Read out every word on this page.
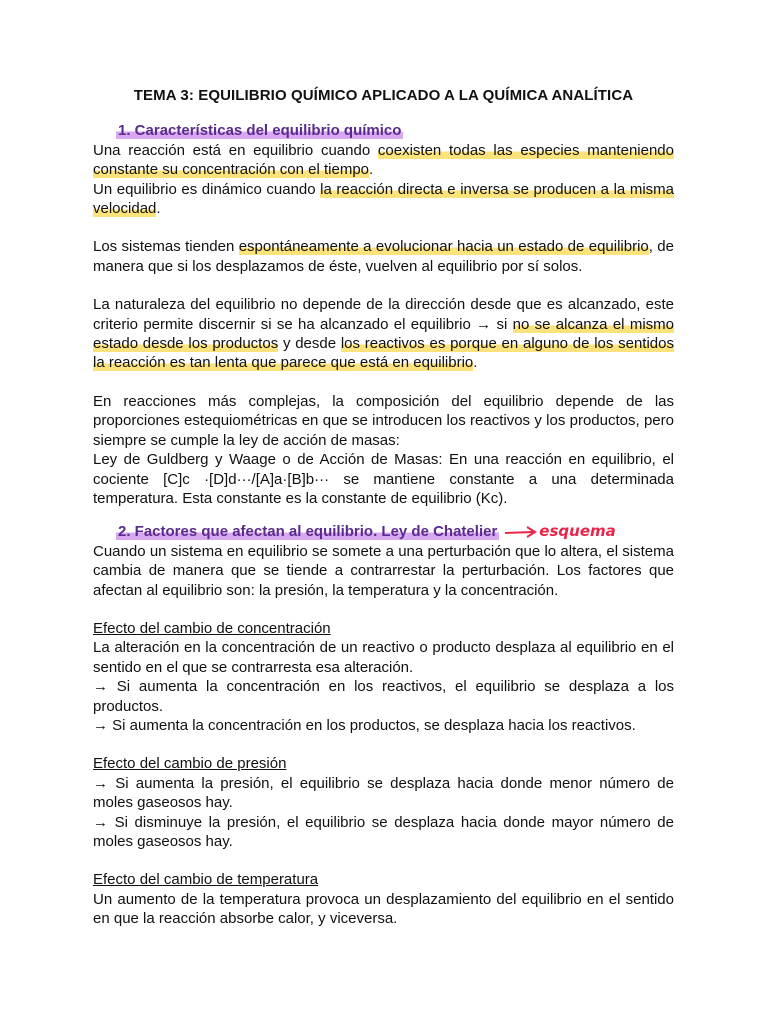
TEMA 3: EQUILIBRIO QUÍMICO APLICADO A LA QUÍMICA ANALÍTICA
1. Características del equilibrio químico

Una reacción está en equilibrio cuando coexisten todas las especies manteniendo constante su concentración con el tiempo.

Un equilibrio es dinámico cuando la reacción directa e inversa se producen a la misma velocidad.

Los sistemas tienden espontáneamente a evolucionar hacia un estado de equilibrio, de manera que si los desplazamos de éste, vuelven al equilibrio por sí solos.

La naturaleza del equilibrio no depende de la dirección desde que es alcanzado, este criterio permite discernir si se ha alcanzado el equilibrio → si no se alcanza el mismo estado desde los productos y desde los reactivos es porque en alguno de los sentidos la reacción es tan lenta que parece que está en equilibrio.

En reacciones más complejas, la composición del equilibrio depende de las proporciones estequiométricas en que se introducen los reactivos y los productos, pero siempre se cumple la ley de acción de masas:

Ley de Guldberg y Waage o de Acción de Masas: En una reacción en equilibrio, el cociente [C]c ·[D]d···/[A]a·[B]b··· se mantiene constante a una determinada temperatura. Esta constante es la constante de equilibrio (Kc).

2. Factores que afectan al equilibrio. Ley de Chatelier	esquema

Cuando un sistema en equilibrio se somete a una perturbación que lo altera, el sistema cambia de manera que se tiende a contrarrestar la perturbación. Los factores que afectan al equilibrio son: la presión, la temperatura y la concentración.

Efecto del cambio de concentración

La alteración en la concentración de un reactivo o producto desplaza al equilibrio en el sentido en el que se contrarresta esa alteración.

→ Si aumenta la concentración en los reactivos, el equilibrio se desplaza a los productos.

→ Si aumenta la concentración en los productos, se desplaza hacia los reactivos.

Efecto del cambio de presión

→ Si aumenta la presión, el equilibrio se desplaza hacia donde menor número de moles gaseosos hay.

→ Si disminuye la presión, el equilibrio se desplaza hacia donde mayor número de moles gaseosos hay.

Efecto del cambio de temperatura

Un aumento de la temperatura provoca un desplazamiento del equilibrio en el sentido en que la reacción absorbe calor, y viceversa.
